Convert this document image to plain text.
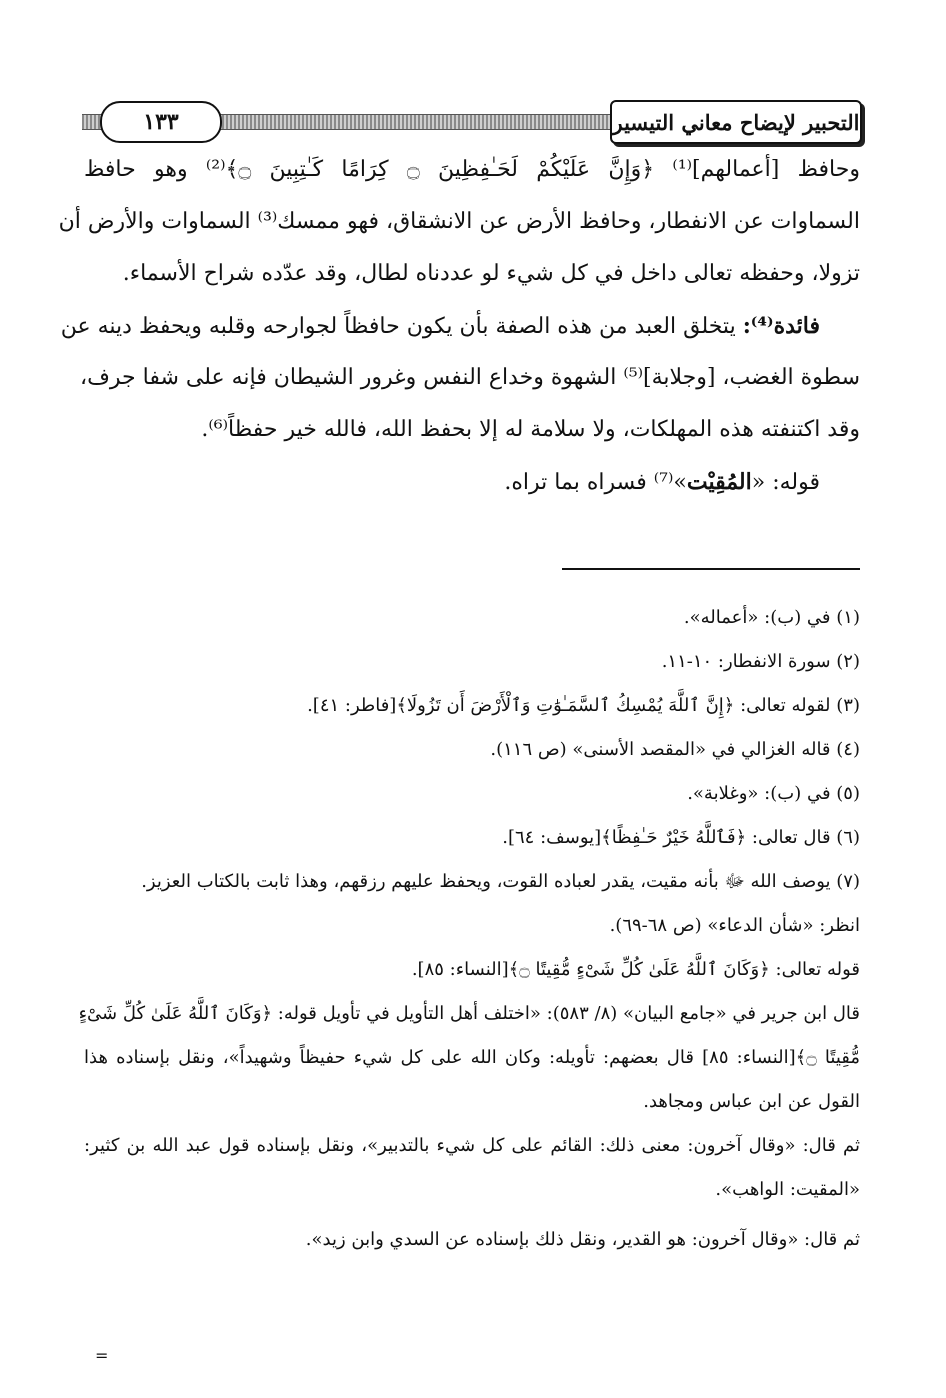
١٣٣	التحبير لإيضاح معاني التيسير
وحافظ [أعمالهم]⁽¹⁾ ﴿وَإِنَّ عَلَيْكُمْ لَحَـٰفِظِينَ ۝ كِرَامًا كَـٰتِبِينَ ۝﴾⁽²⁾ وهو حافظ
السماوات عن الانفطار، وحافظ الأرض عن الانشقاق، فهو ممسك⁽³⁾ السماوات والأرض أن
تزولا، وحفظه تعالى داخل في كل شيء لو عددناه لطال، وقد عدّده شراح الأسماء.
فائدة⁽⁴⁾: يتخلق العبد من هذه الصفة بأن يكون حافظاً لجوارحه وقلبه ويحفظ دينه عن
سطوة الغضب، [وجلابة]⁽⁵⁾ الشهوة وخداع النفس وغرور الشيطان فإنه على شفا جرف،
وقد اكتنفته هذه المهلكات، ولا سلامة له إلا بحفظ الله، فالله خير حفظاً⁽⁶⁾.
قوله: «المُقِيْت»⁽⁷⁾ فسراه بما تراه.
(١) في (ب): «أعماله».
(٢) سورة الانفطار: ١٠-١١.
(٣) لقوله تعالى: ﴿إِنَّ ٱللَّهَ يُمْسِكُ ٱلسَّمَـٰوَٰتِ وَٱلْأَرْضَ أَن تَزُولَا﴾[فاطر: ٤١].
(٤) قاله الغزالي في «المقصد الأسنى» (ص ١١٦).
(٥) في (ب): «وغلابة».
(٦) قال تعالى: ﴿فَٱللَّهُ خَيْرٌ حَـٰفِظًا﴾[يوسف: ٦٤].
(٧) يوصف الله ﷻ بأنه مقيت، يقدر لعباده القوت، ويحفظ عليهم رزقهم، وهذا ثابت بالكتاب العزيز.
انظر: «شأن الدعاء» (ص ٦٨-٦٩).
قوله تعالى: ﴿وَكَانَ ٱللَّهُ عَلَىٰ كُلِّ شَىْءٍ مُّقِيتًا ۝﴾[النساء: ٨٥].
قال ابن جرير في «جامع البيان» (٨/ ٥٨٣): «اختلف أهل التأويل في تأويل قوله: ﴿وَكَانَ ٱللَّهُ عَلَىٰ كُلِّ شَىْءٍ
مُّقِيتًا ۝﴾[النساء: ٨٥] قال بعضهم: تأويله: وكان الله على كل شيء حفيظاً وشهيداً»، ونقل بإسناده هذا
القول عن ابن عباس ومجاهد.
ثم قال: «وقال آخرون: معنى ذلك: القائم على كل شيء بالتدبير»، ونقل بإسناده قول عبد الله بن كثير:
«المقيت: الواهب».
ثم قال: «وقال آخرون: هو القدير، ونقل ذلك بإسناده عن السدي وابن زيد».
=
